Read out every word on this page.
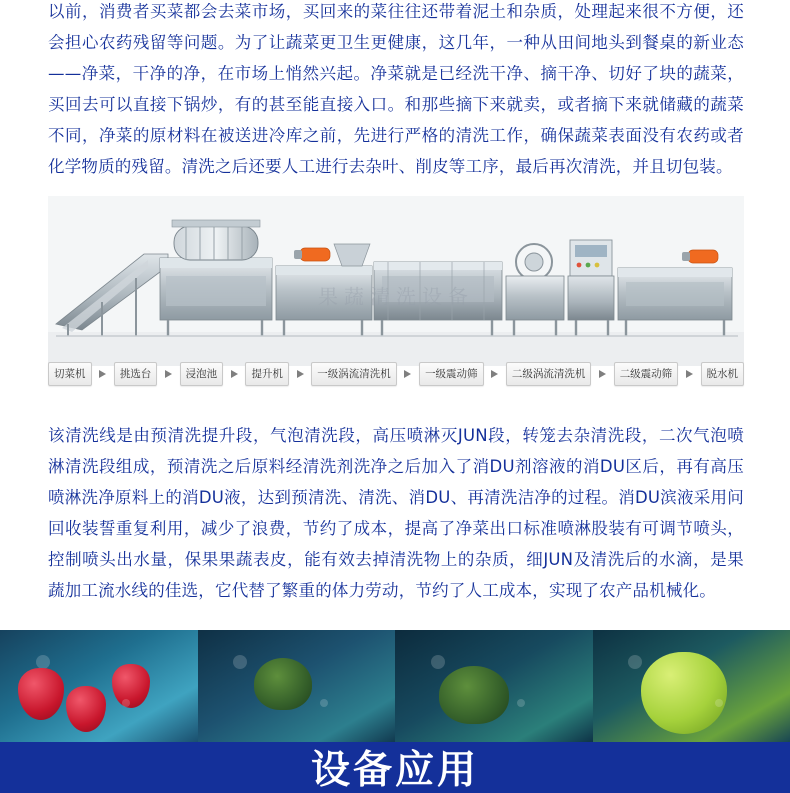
以前，消费者买菜都会去菜市场，买回来的菜往往还带着泥土和杂质，处理起来很不方便，还会担心农药残留等问题。为了让蔬菜更卫生更健康，这几年，一种从田间地头到餐桌的新业态——净菜，干净的净，在市场上悄然兴起。净菜就是已经洗干净、摘干净、切好了块的蔬菜，买回去可以直接下锅炒，有的甚至能直接入口。和那些摘下来就卖，或者摘下来就储藏的蔬菜不同，净菜的原材料在被送进冷库之前，先进行严格的清洗工作，确保蔬菜表面没有农药或者化学物质的残留。清洗之后还要人工进行去杂叶、削皮等工序，最后再次清洗，并且切包装。
果蔬清洗设备
切菜机	挑选台	浸泡池	提升机	一级涡流清洗机	一级震动筛	二级涡流清洗机	二级震动筛	脱水机
该清洗线是由预清洗提升段，气泡清洗段，高压喷淋灭JUN段，转笼去杂清洗段，二次气泡喷淋清洗段组成，预清洗之后原料经清洗剂洗净之后加入了消DU剂溶液的消DU区后，再有高压喷淋洗净原料上的消DU液，达到预清洗、清洗、消DU、再清洗洁净的过程。消DU滨液采用问回收装誓重复利用，减少了浪费，节约了成本，提高了净菜出口标准喷淋股装有可调节喷头，控制喷头出水量，保果果蔬表皮，能有效去掉清洗物上的杂质，细JUN及清洗后的水滴，是果蔬加工流水线的佳选，它代替了繁重的体力劳动，节约了人工成本，实现了农产品机械化。
设备应用
